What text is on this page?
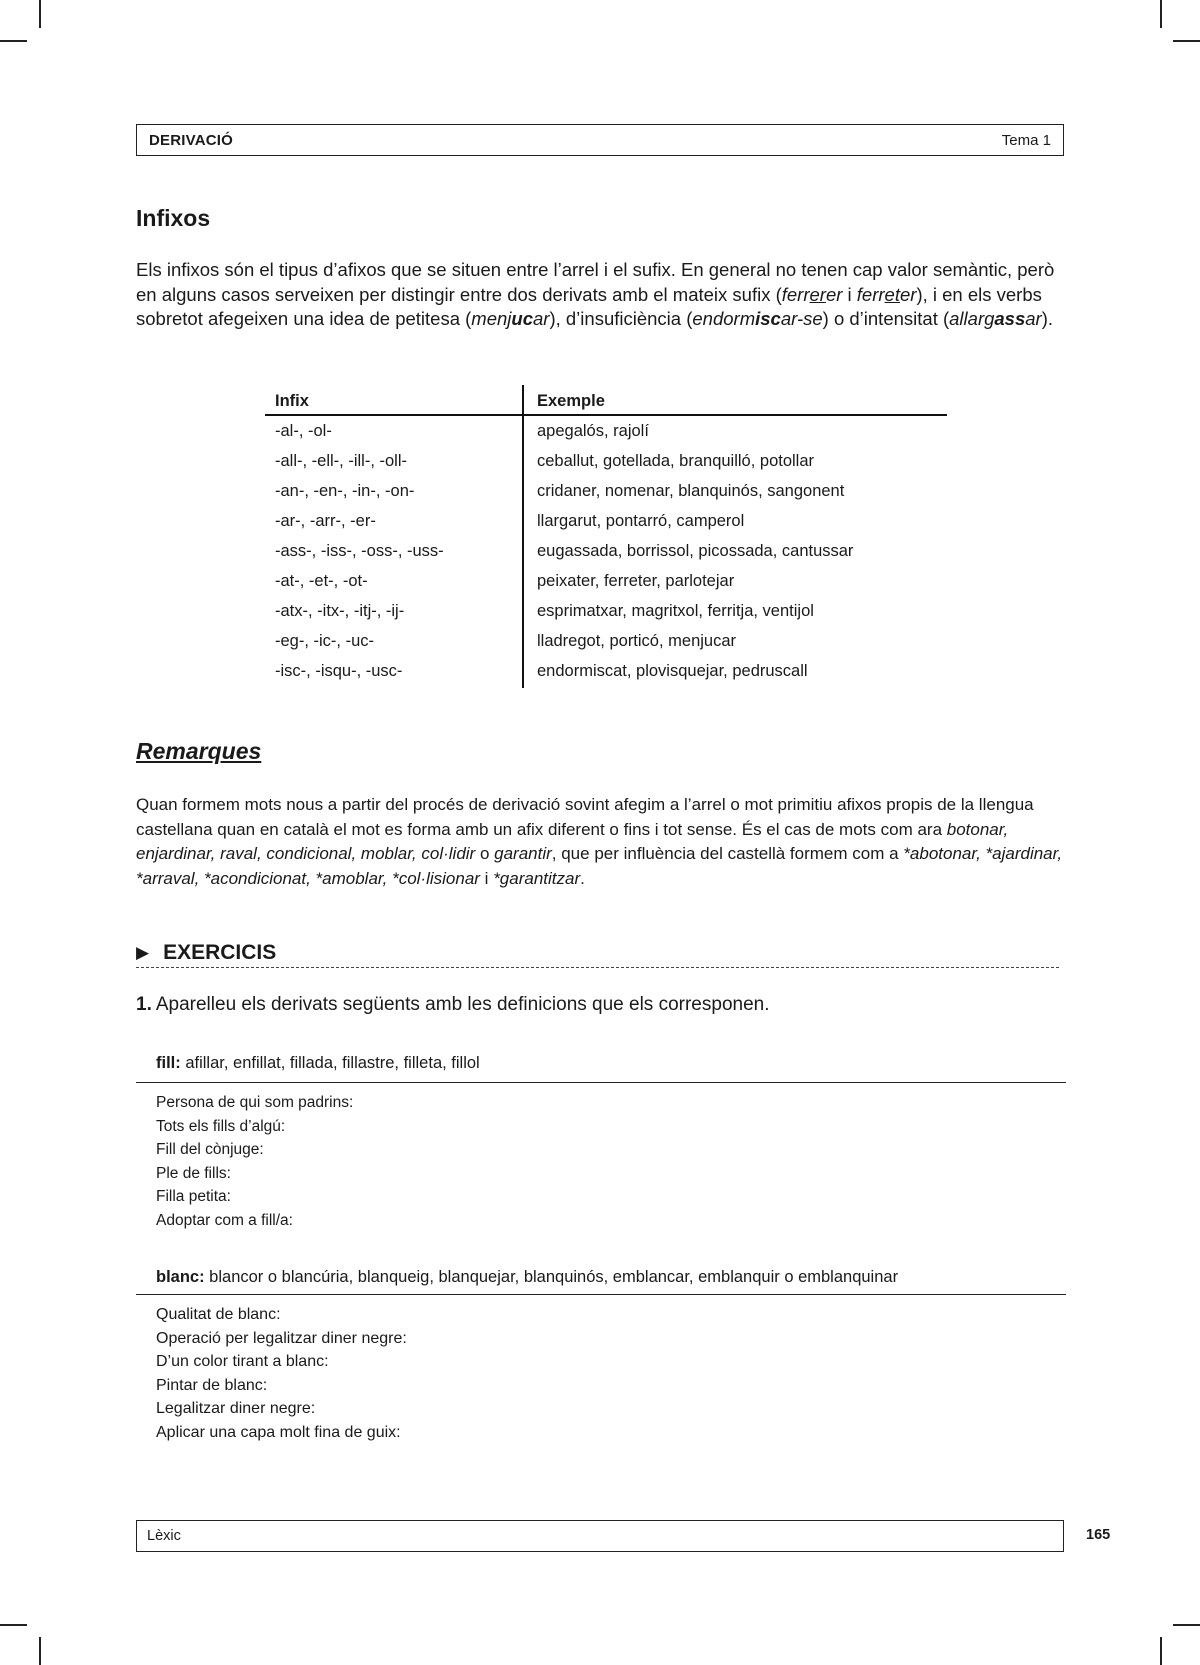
DERIVACIÓ	Tema 1
Infixos

Els infixos són el tipus d’afixos que se situen entre l’arrel i el sufix. En general no tenen cap valor semàntic, però en alguns casos serveixen per distingir entre dos derivats amb el mateix sufix (ferrerer i ferreter), i en els verbs sobretot afegeixen una idea de petitesa (menjucar), d’insuficiència (endormiscar-se) o d’intensitat (allargassar).

Infix	Exemple
-al-, -ol-	apegalós, rajolí
-all-, -ell-, -ill-, -oll-	ceballut, gotellada, branquilló, potollar
-an-, -en-, -in-, -on-	cridaner, nomenar, blanquinós, sangonent
-ar-, -arr-, -er-	llargarut, pontarró, camperol
-ass-, -iss-, -oss-, -uss-	eugassada, borrissol, picossada, cantussar
-at-, -et-, -ot-	peixater, ferreter, parlotejar
-atx-, -itx-, -itj-, -ij-	esprimatxar, magritxol, ferritja, ventijol
-eg-, -ic-, -uc-	lladregot, porticó, menjucar
-isc-, -isqu-, -usc-	endormiscat, plovisquejar, pedruscall
Remarques

Quan formem mots nous a partir del procés de derivació sovint afegim a l’arrel o mot primitiu afixos propis de la llengua castellana quan en català el mot es forma amb un afix diferent o fins i tot sense. És el cas de mots com ara botonar, enjardinar, raval, condicional, moblar, col·lidir o garantir, que per influència del castellà formem com a *abotonar, *ajardinar, *arraval, *acondicionat, *amoblar, *col·lisionar i *garantitzar.

▶ EXERCICIS
1. Aparelleu els derivats següents amb les definicions que els corresponen.
fill: afillar, enfillat, fillada, fillastre, filleta, fillol
Persona de qui som padrins:
Tots els fills d’algú:
Fill del cònjuge:
Ple de fills:
Filla petita:
Adoptar com a fill/a:
blanc: blancor o blancúria, blanqueig, blanquejar, blanquinós, emblancar, emblanquir o emblanquinar
Qualitat de blanc:
Operació per legalitzar diner negre:
D’un color tirant a blanc:
Pintar de blanc:
Legalitzar diner negre:
Aplicar una capa molt fina de guix:
Lèxic	165
